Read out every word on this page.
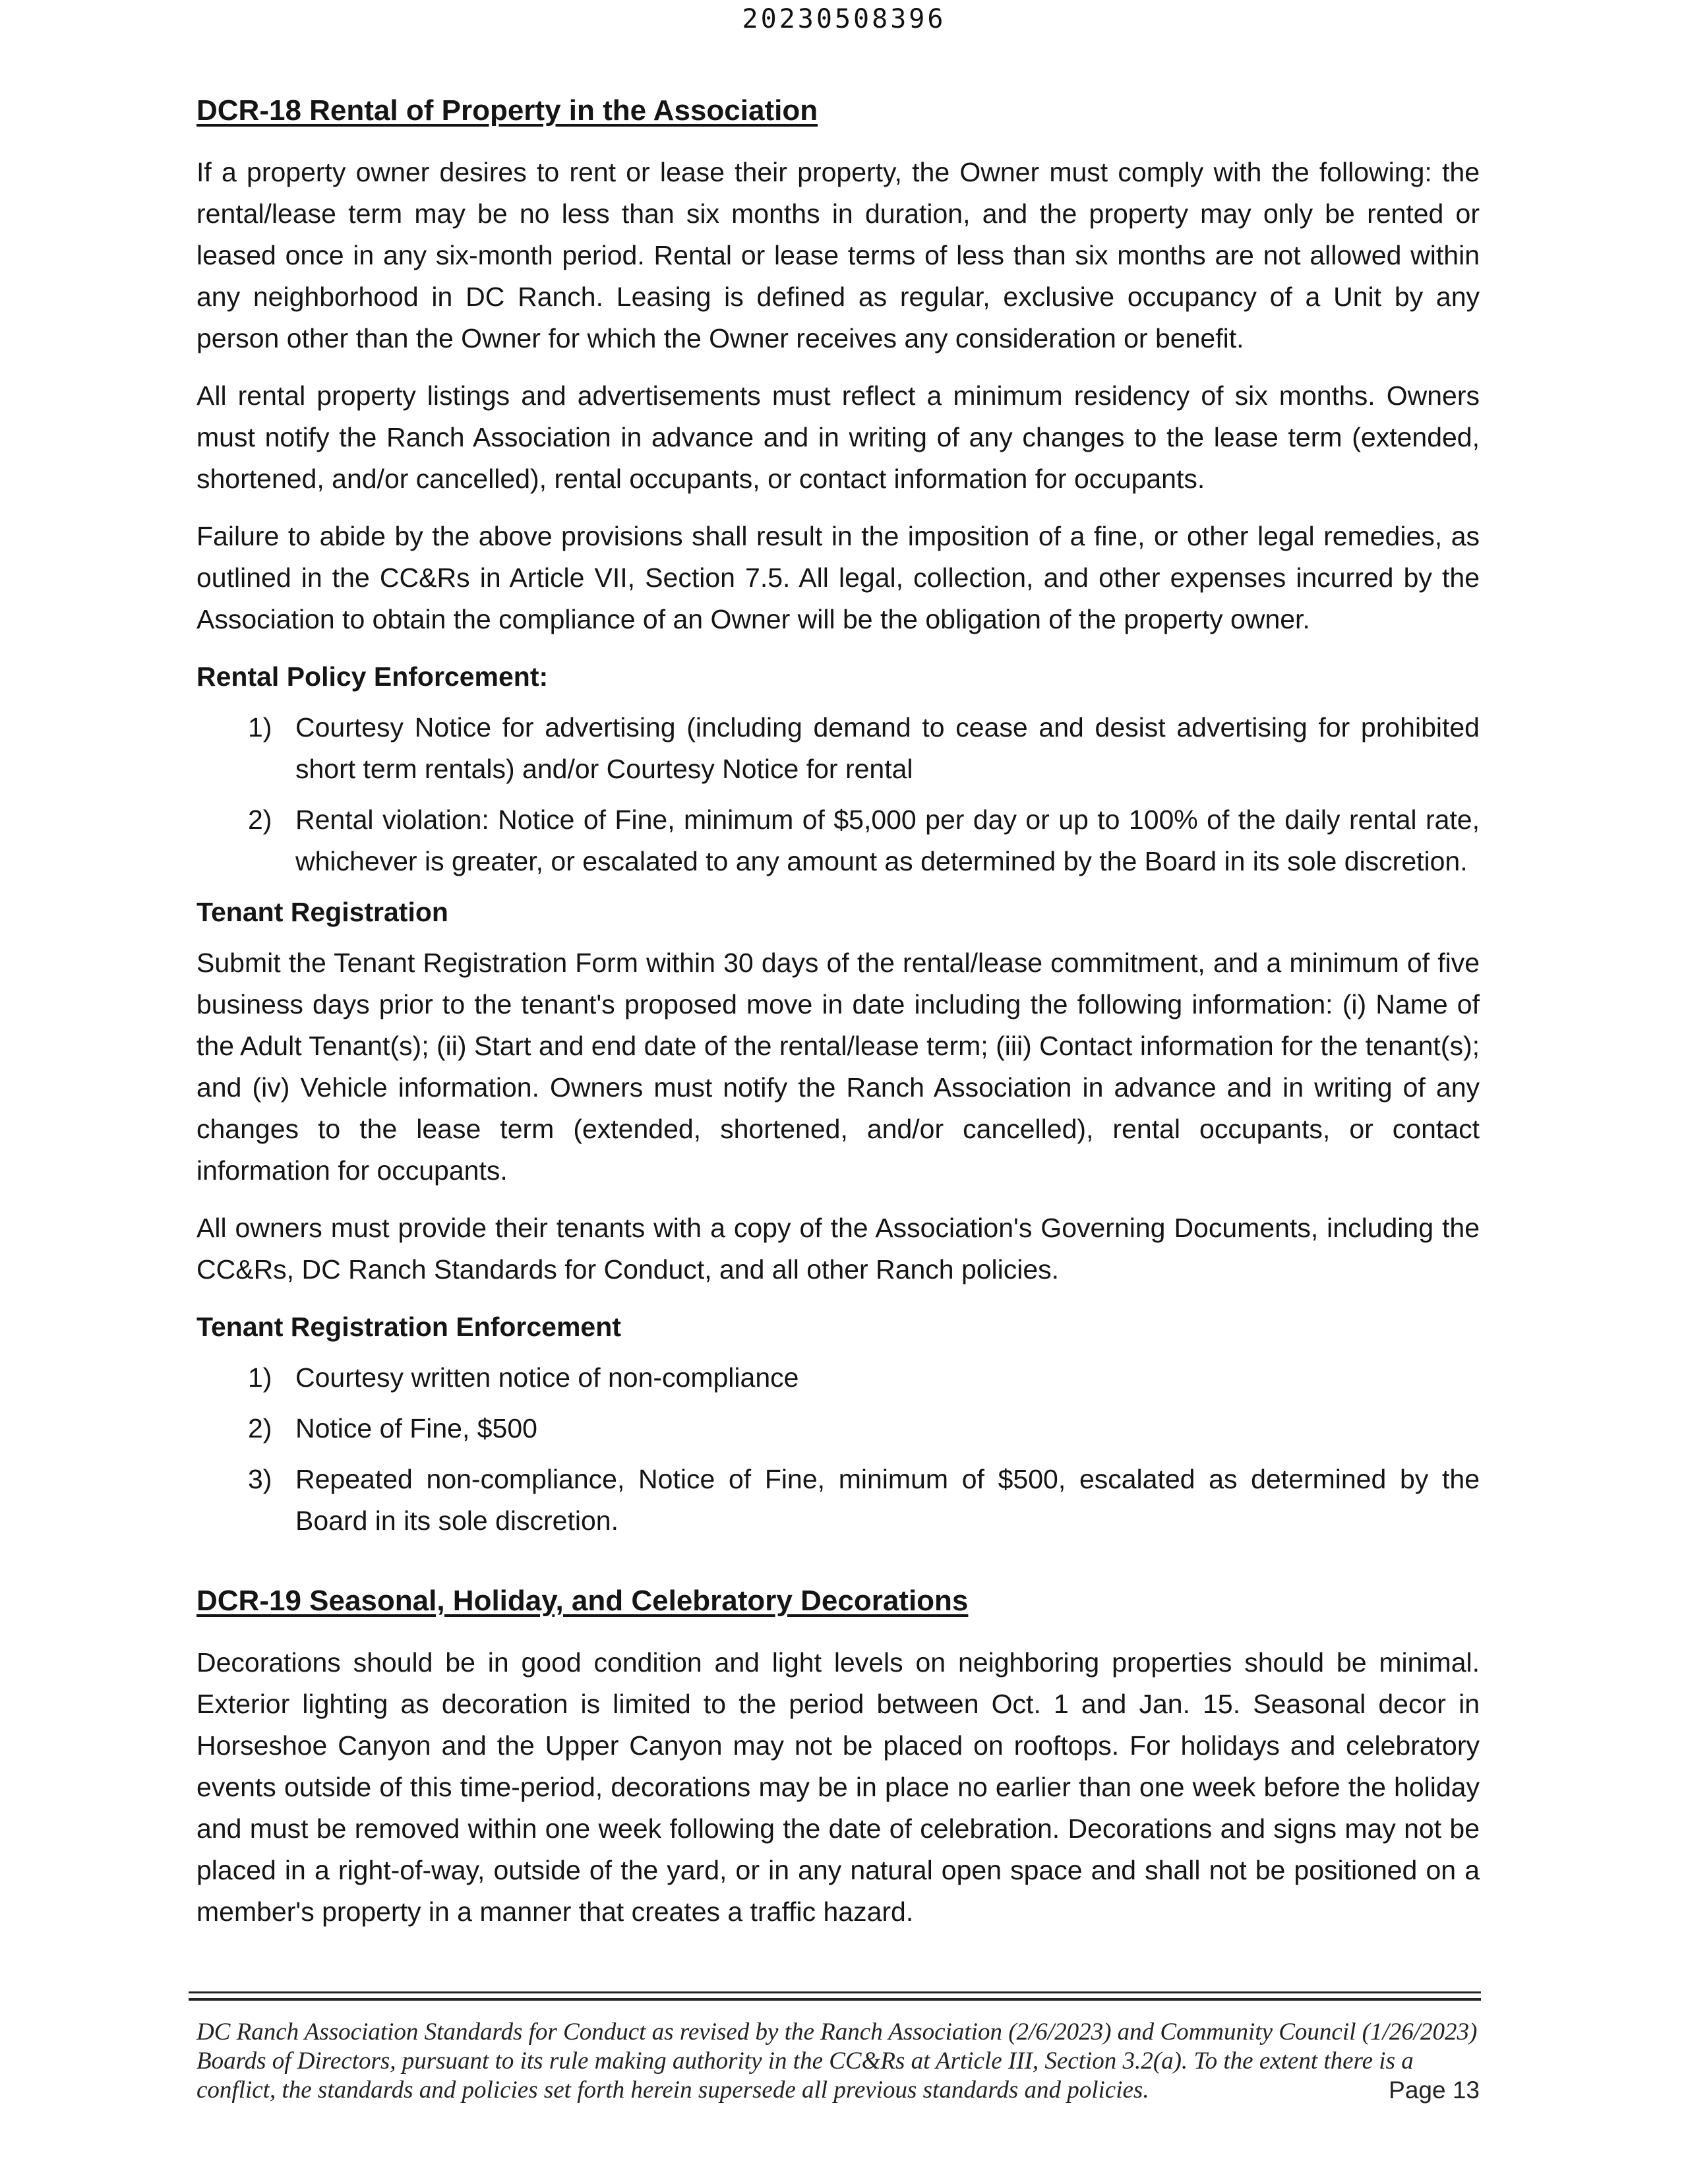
20230508396
DCR-18 Rental of Property in the Association

If a property owner desires to rent or lease their property, the Owner must comply with the following: the rental/lease term may be no less than six months in duration, and the property may only be rented or leased once in any six-month period. Rental or lease terms of less than six months are not allowed within any neighborhood in DC Ranch. Leasing is defined as regular, exclusive occupancy of a Unit by any person other than the Owner for which the Owner receives any consideration or benefit.

All rental property listings and advertisements must reflect a minimum residency of six months. Owners must notify the Ranch Association in advance and in writing of any changes to the lease term (extended, shortened, and/or cancelled), rental occupants, or contact information for occupants.

Failure to abide by the above provisions shall result in the imposition of a fine, or other legal remedies, as outlined in the CC&Rs in Article VII, Section 7.5. All legal, collection, and other expenses incurred by the Association to obtain the compliance of an Owner will be the obligation of the property owner.

Rental Policy Enforcement:
1) Courtesy Notice for advertising (including demand to cease and desist advertising for prohibited short term rentals) and/or Courtesy Notice for rental
2) Rental violation: Notice of Fine, minimum of $5,000 per day or up to 100% of the daily rental rate, whichever is greater, or escalated to any amount as determined by the Board in its sole discretion.
Tenant Registration

Submit the Tenant Registration Form within 30 days of the rental/lease commitment, and a minimum of five business days prior to the tenant's proposed move in date including the following information: (i) Name of the Adult Tenant(s); (ii) Start and end date of the rental/lease term; (iii) Contact information for the tenant(s); and (iv) Vehicle information. Owners must notify the Ranch Association in advance and in writing of any changes to the lease term (extended, shortened, and/or cancelled), rental occupants, or contact information for occupants.

All owners must provide their tenants with a copy of the Association's Governing Documents, including the CC&Rs, DC Ranch Standards for Conduct, and all other Ranch policies.

Tenant Registration Enforcement
1) Courtesy written notice of non-compliance
2) Notice of Fine, $500
3) Repeated non-compliance, Notice of Fine, minimum of $500, escalated as determined by the Board in its sole discretion.
DCR-19 Seasonal, Holiday, and Celebratory Decorations

Decorations should be in good condition and light levels on neighboring properties should be minimal. Exterior lighting as decoration is limited to the period between Oct. 1 and Jan. 15. Seasonal decor in Horseshoe Canyon and the Upper Canyon may not be placed on rooftops. For holidays and celebratory events outside of this time-period, decorations may be in place no earlier than one week before the holiday and must be removed within one week following the date of celebration. Decorations and signs may not be placed in a right-of-way, outside of the yard, or in any natural open space and shall not be positioned on a member's property in a manner that creates a traffic hazard.

DC Ranch Association Standards for Conduct as revised by the Ranch Association (2/6/2023) and Community Council (1/26/2023) Boards of Directors, pursuant to its rule making authority in the CC&Rs at Article III, Section 3.2(a). To the extent there is a conflict, the standards and policies set forth herein supersede all previous standards and policies.	Page 13
